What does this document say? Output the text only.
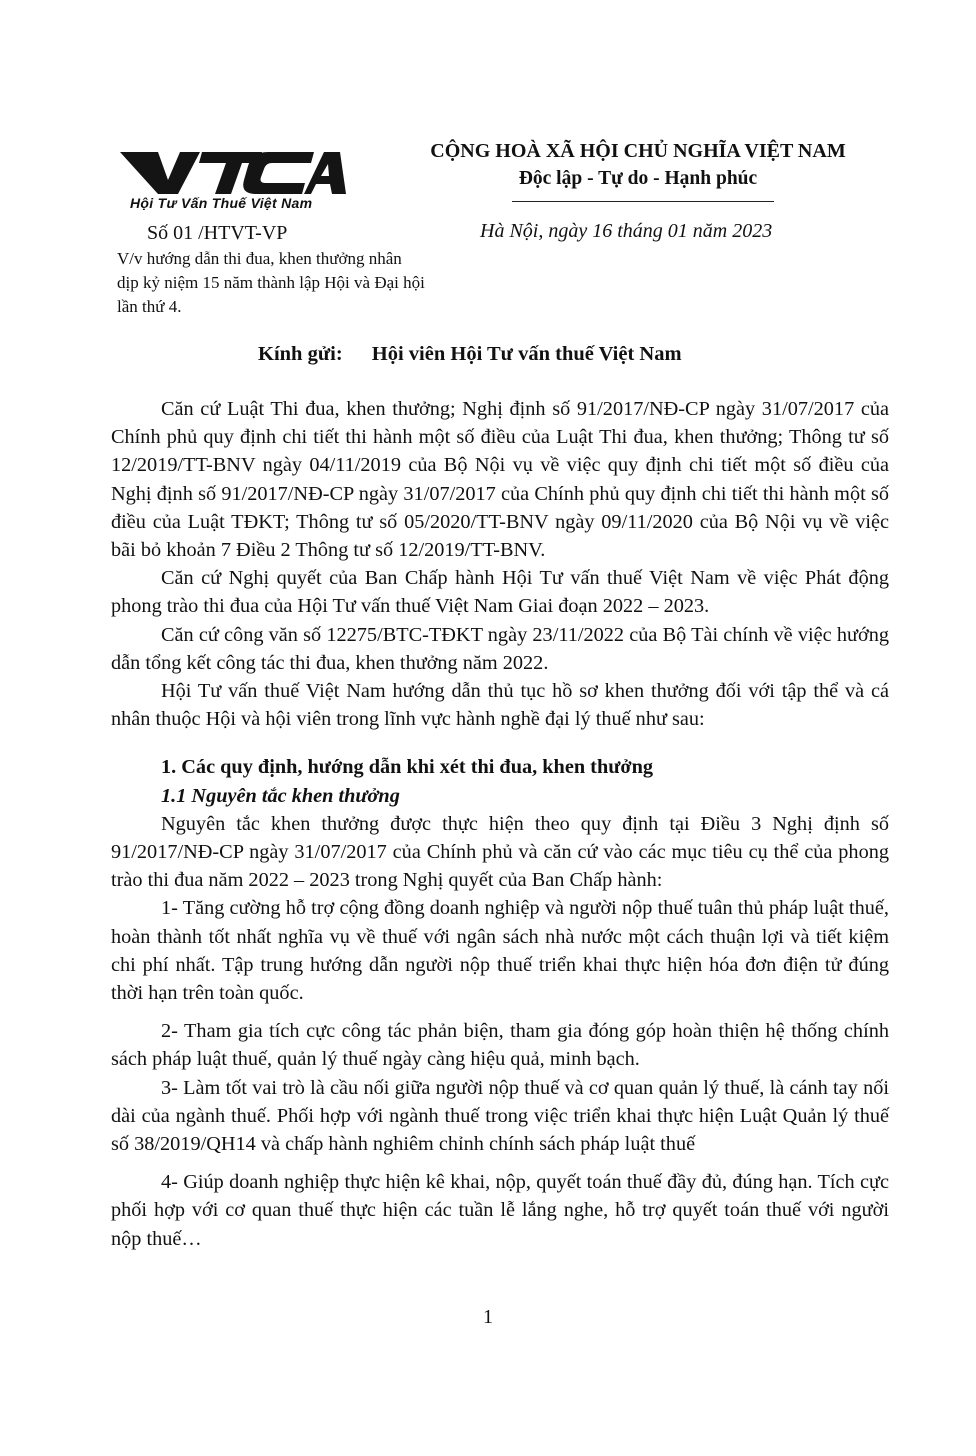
Hội Tư Vấn Thuế Việt Nam
CỘNG HOÀ XÃ HỘI CHỦ NGHĨA VIỆT NAM
Độc lập - Tự do - Hạnh phúc
Số 01 /HTVT-VP
V/v hướng dẫn thi đua, khen thưởng nhân dịp kỷ niệm 15 năm thành lập Hội và Đại hội lần thứ 4.
Hà Nội, ngày 16 tháng 01 năm 2023
Kính gửi: Hội viên Hội Tư vấn thuế Việt Nam

Căn cứ Luật Thi đua, khen thưởng; Nghị định số 91/2017/NĐ-CP ngày 31/07/2017 của Chính phủ quy định chi tiết thi hành một số điều của Luật Thi đua, khen thưởng; Thông tư số 12/2019/TT-BNV ngày 04/11/2019 của Bộ Nội vụ về việc quy định chi tiết một số điều của Nghị định số 91/2017/NĐ-CP ngày 31/07/2017 của Chính phủ quy định chi tiết thi hành một số điều của Luật TĐKT; Thông tư số 05/2020/TT-BNV ngày 09/11/2020 của Bộ Nội vụ về việc bãi bỏ khoản 7 Điều 2 Thông tư số 12/2019/TT-BNV.

Căn cứ Nghị quyết của Ban Chấp hành Hội Tư vấn thuế Việt Nam về việc Phát động phong trào thi đua của Hội Tư vấn thuế Việt Nam Giai đoạn 2022 – 2023.

Căn cứ công văn số 12275/BTC-TĐKT ngày 23/11/2022 của Bộ Tài chính về việc hướng dẫn tổng kết công tác thi đua, khen thưởng năm 2022.

Hội Tư vấn thuế Việt Nam hướng dẫn thủ tục hồ sơ khen thưởng đối với tập thể và cá nhân thuộc Hội và hội viên trong lĩnh vực hành nghề đại lý thuế như sau:

1. Các quy định, hướng dẫn khi xét thi đua, khen thưởng

1.1 Nguyên tắc khen thưởng

Nguyên tắc khen thưởng được thực hiện theo quy định tại Điều 3 Nghị định số 91/2017/NĐ-CP ngày 31/07/2017 của Chính phủ và căn cứ vào các mục tiêu cụ thể của phong trào thi đua năm 2022 – 2023 trong Nghị quyết của Ban Chấp hành:

1- Tăng cường hỗ trợ cộng đồng doanh nghiệp và người nộp thuế tuân thủ pháp luật thuế, hoàn thành tốt nhất nghĩa vụ về thuế với ngân sách nhà nước một cách thuận lợi và tiết kiệm chi phí nhất. Tập trung hướng dẫn người nộp thuế triển khai thực hiện hóa đơn điện tử đúng thời hạn trên toàn quốc.

2- Tham gia tích cực công tác phản biện, tham gia đóng góp hoàn thiện hệ thống chính sách pháp luật thuế, quản lý thuế ngày càng hiệu quả, minh bạch.

3- Làm tốt vai trò là cầu nối giữa người nộp thuế và cơ quan quản lý thuế, là cánh tay nối dài của ngành thuế. Phối hợp với ngành thuế trong việc triển khai thực hiện Luật Quản lý thuế số 38/2019/QH14 và chấp hành nghiêm chỉnh chính sách pháp luật thuế

4- Giúp doanh nghiệp thực hiện kê khai, nộp, quyết toán thuế đầy đủ, đúng hạn. Tích cực phối hợp với cơ quan thuế thực hiện các tuần lễ lắng nghe, hỗ trợ quyết toán thuế với người nộp thuế…

1
